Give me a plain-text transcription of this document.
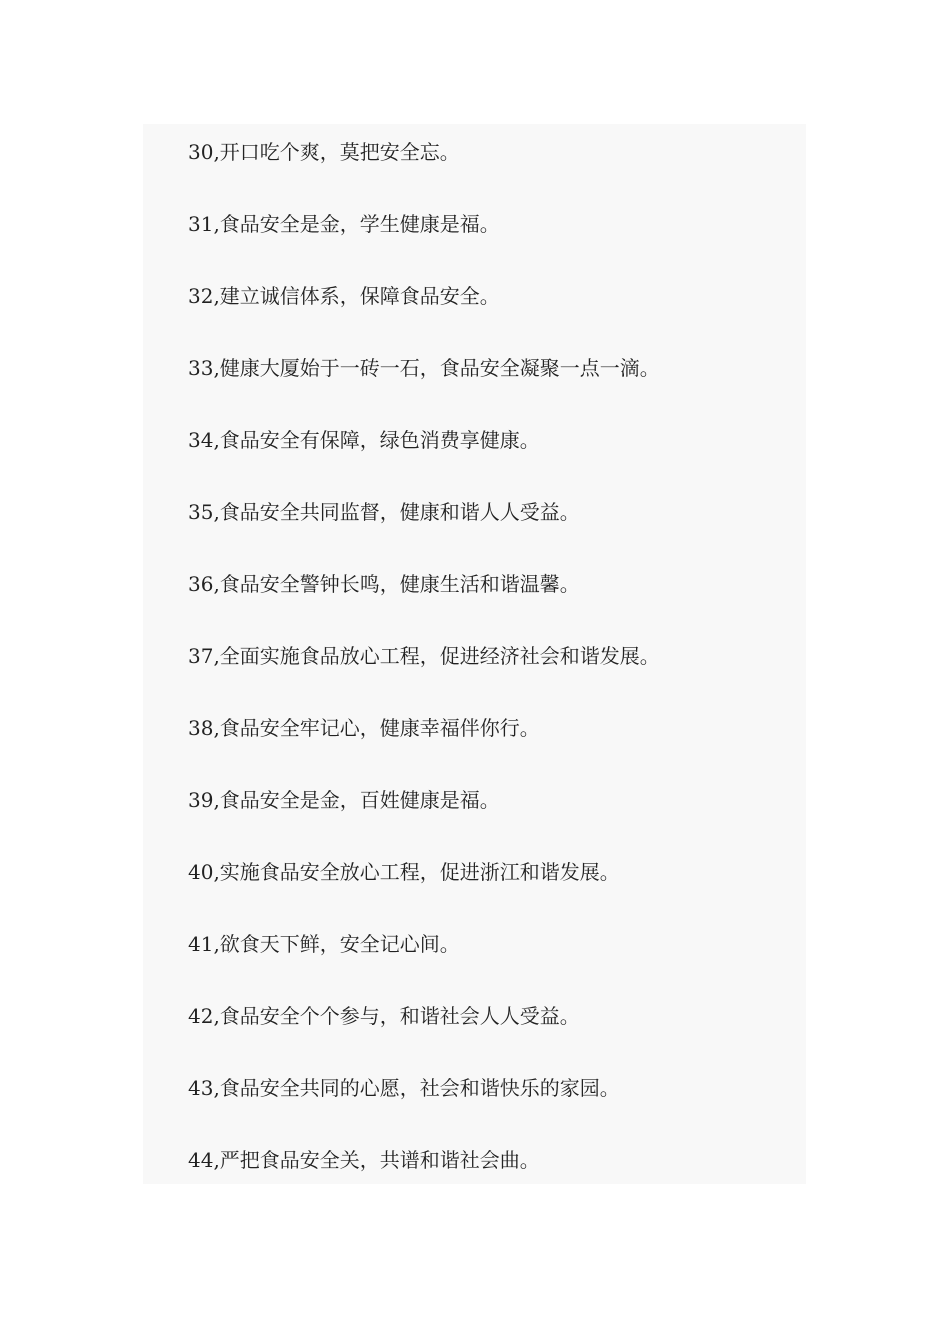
30,开口吃个爽，莫把安全忘。
31,食品安全是金，学生健康是福。
32,建立诚信体系，保障食品安全。
33,健康大厦始于一砖一石，食品安全凝聚一点一滴。
34,食品安全有保障，绿色消费享健康。
35,食品安全共同监督，健康和谐人人受益。
36,食品安全警钟长鸣，健康生活和谐温馨。
37,全面实施食品放心工程，促进经济社会和谐发展。
38,食品安全牢记心，健康幸福伴你行。
39,食品安全是金，百姓健康是福。
40,实施食品安全放心工程，促进浙江和谐发展。
41,欲食天下鲜，安全记心间。
42,食品安全个个参与，和谐社会人人受益。
43,食品安全共同的心愿，社会和谐快乐的家园。
44,严把食品安全关，共谱和谐社会曲。
